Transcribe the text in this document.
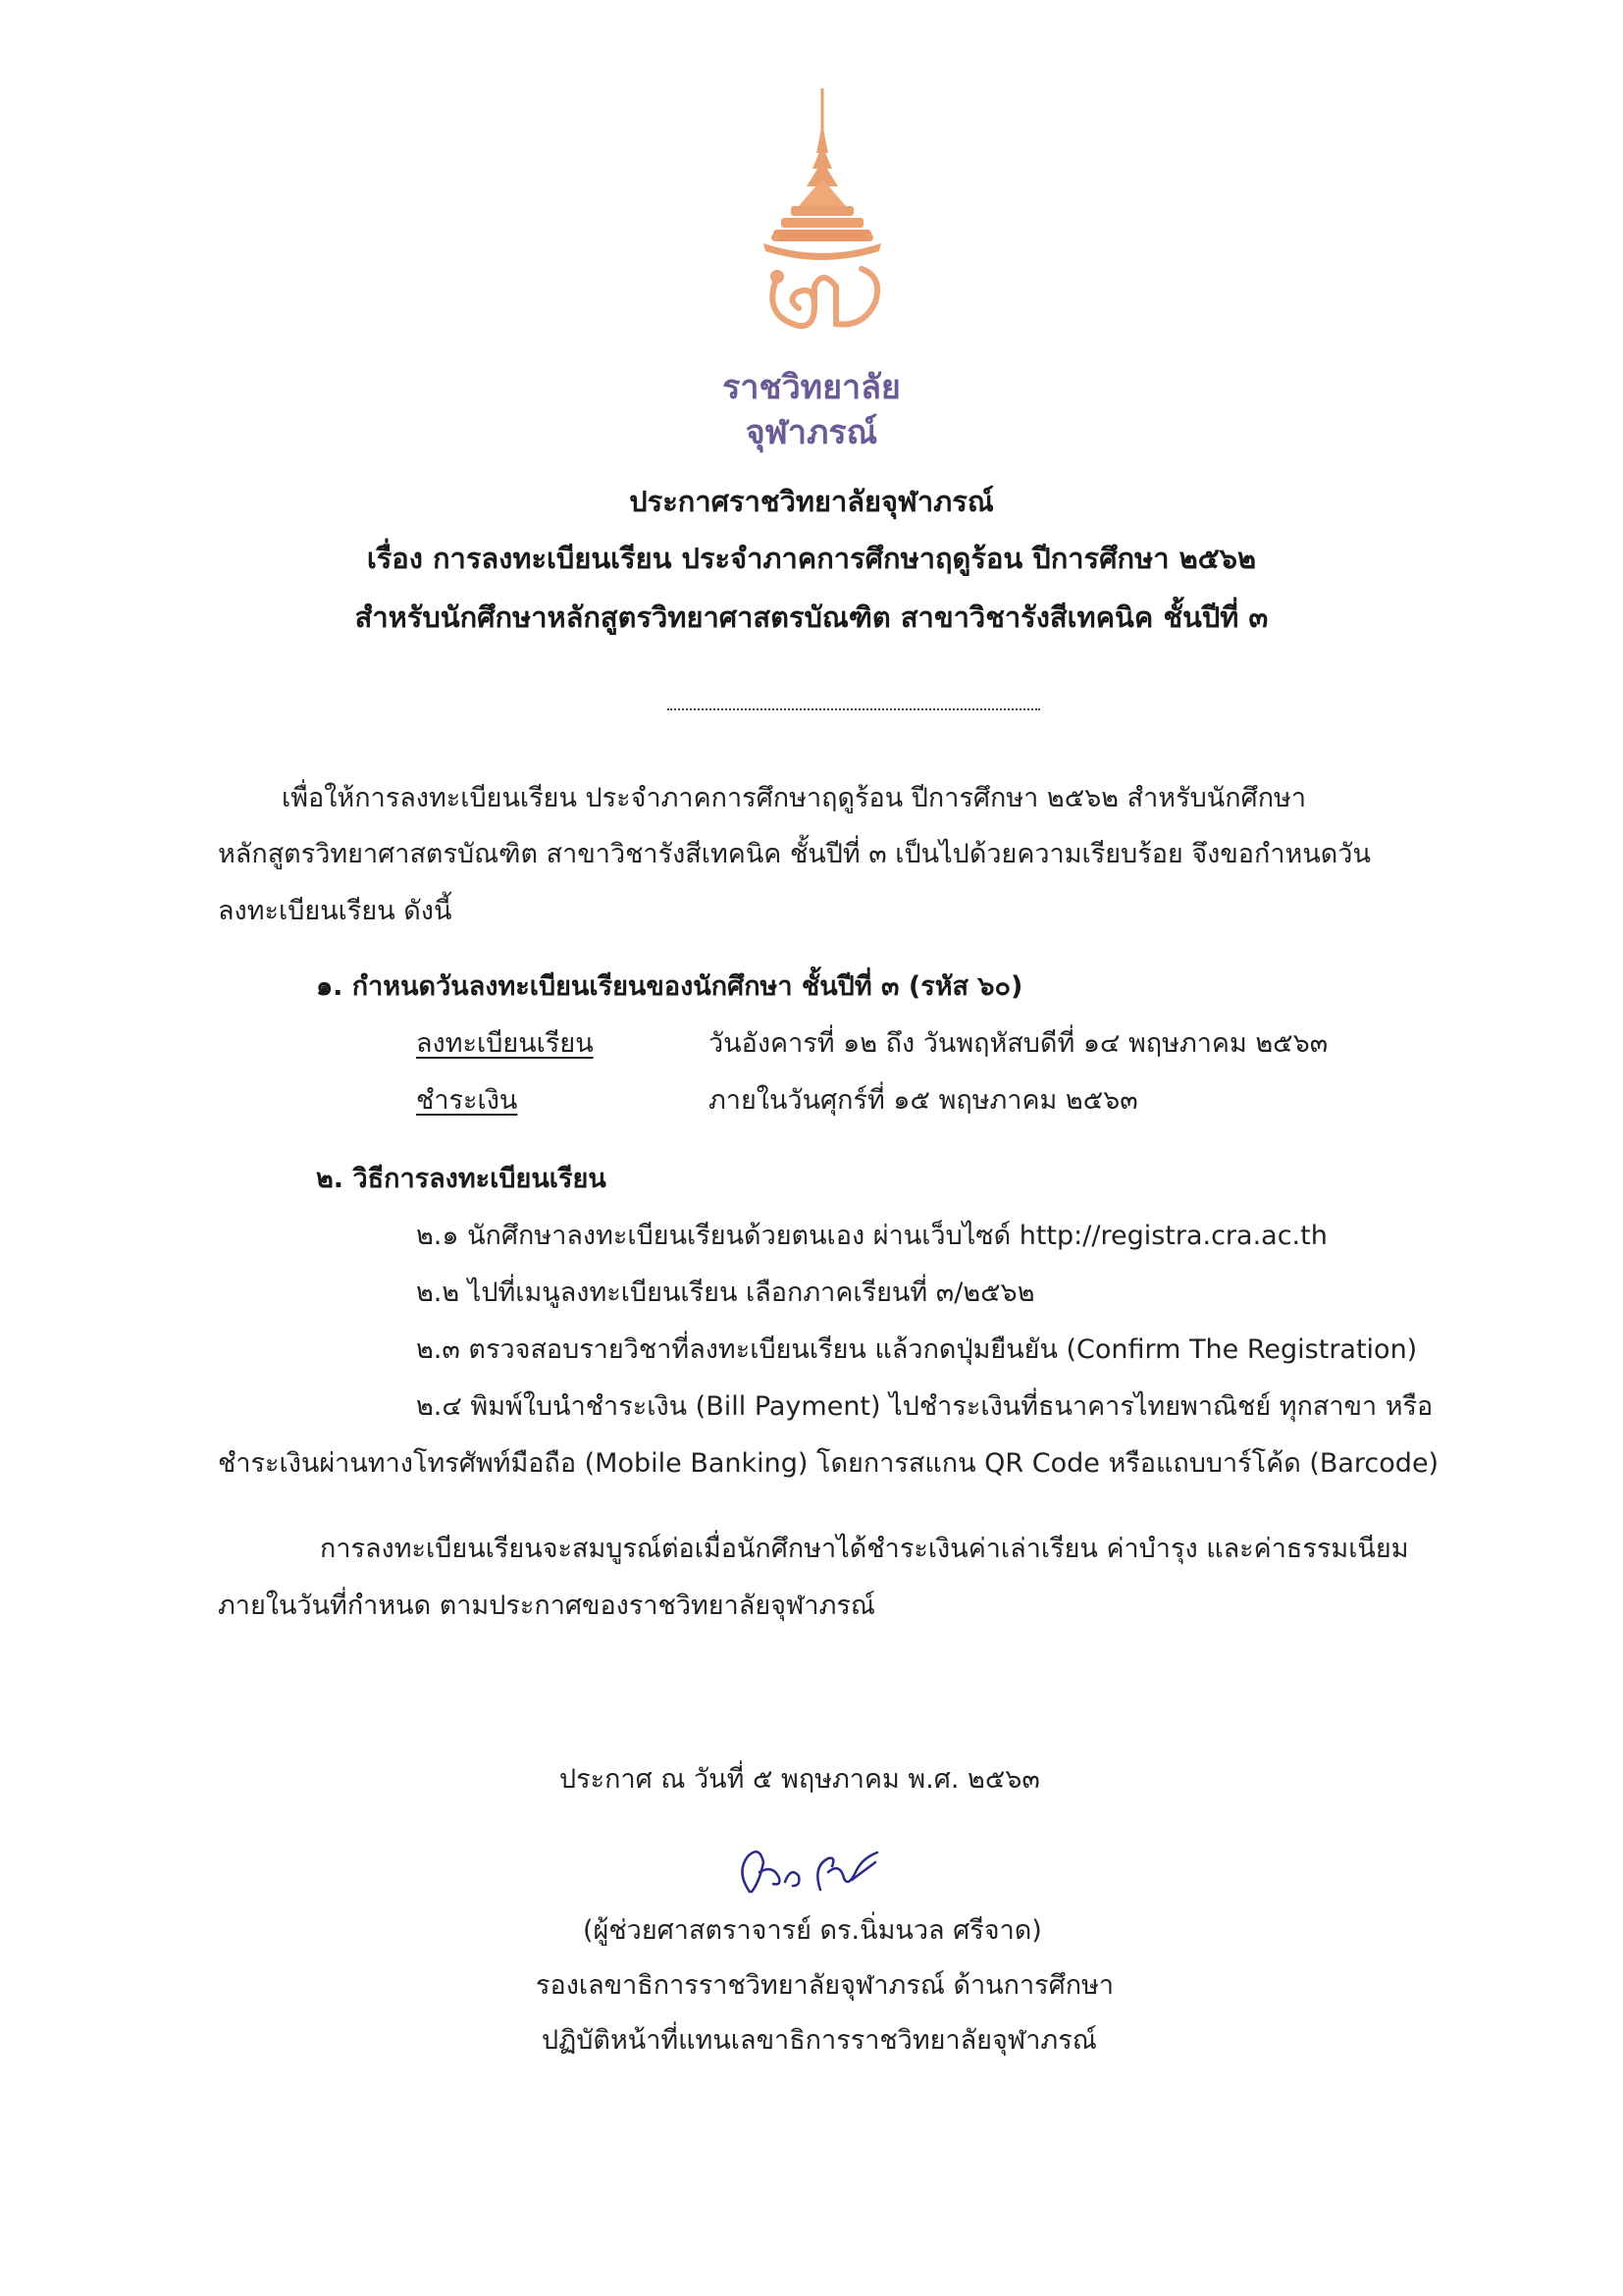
ราชวิทยาลัย
จุฬาภรณ์
ประกาศราชวิทยาลัยจุฬาภรณ์
เรื่อง การลงทะเบียนเรียน ประจำภาคการศึกษาฤดูร้อน ปีการศึกษา ๒๕๖๒
สำหรับนักศึกษาหลักสูตรวิทยาศาสตรบัณฑิต สาขาวิชารังสีเทคนิค ชั้นปีที่ ๓
เพื่อให้การลงทะเบียนเรียน ประจำภาคการศึกษาฤดูร้อน ปีการศึกษา ๒๕๖๒ สำหรับนักศึกษา
หลักสูตรวิทยาศาสตรบัณฑิต สาขาวิชารังสีเทคนิค ชั้นปีที่ ๓ เป็นไปด้วยความเรียบร้อย จึงขอกำหนดวัน
ลงทะเบียนเรียน ดังนี้
๑. กำหนดวันลงทะเบียนเรียนของนักศึกษา ชั้นปีที่ ๓ (รหัส ๖๐)
ลงทะเบียนเรียน	วันอังคารที่ ๑๒ ถึง วันพฤหัสบดีที่ ๑๔ พฤษภาคม ๒๕๖๓
ชำระเงิน	ภายในวันศุกร์ที่ ๑๕ พฤษภาคม ๒๕๖๓
๒. วิธีการลงทะเบียนเรียน
๒.๑ นักศึกษาลงทะเบียนเรียนด้วยตนเอง ผ่านเว็บไซด์ http://registra.cra.ac.th
๒.๒ ไปที่เมนูลงทะเบียนเรียน เลือกภาคเรียนที่ ๓/๒๕๖๒
๒.๓ ตรวจสอบรายวิชาที่ลงทะเบียนเรียน แล้วกดปุ่มยืนยัน (Confirm The Registration)
๒.๔ พิมพ์ใบนำชำระเงิน (Bill Payment) ไปชำระเงินที่ธนาคารไทยพาณิชย์ ทุกสาขา หรือ
ชำระเงินผ่านทางโทรศัพท์มือถือ (Mobile Banking) โดยการสแกน QR Code หรือแถบบาร์โค้ด (Barcode)
การลงทะเบียนเรียนจะสมบูรณ์ต่อเมื่อนักศึกษาได้ชำระเงินค่าเล่าเรียน ค่าบำรุง และค่าธรรมเนียม
ภายในวันที่กำหนด ตามประกาศของราชวิทยาลัยจุฬาภรณ์
ประกาศ ณ วันที่ ๕ พฤษภาคม พ.ศ. ๒๕๖๓
(ผู้ช่วยศาสตราจารย์ ดร.นิ่มนวล ศรีจาด)
รองเลขาธิการราชวิทยาลัยจุฬาภรณ์ ด้านการศึกษา
ปฏิบัติหน้าที่แทนเลขาธิการราชวิทยาลัยจุฬาภรณ์
